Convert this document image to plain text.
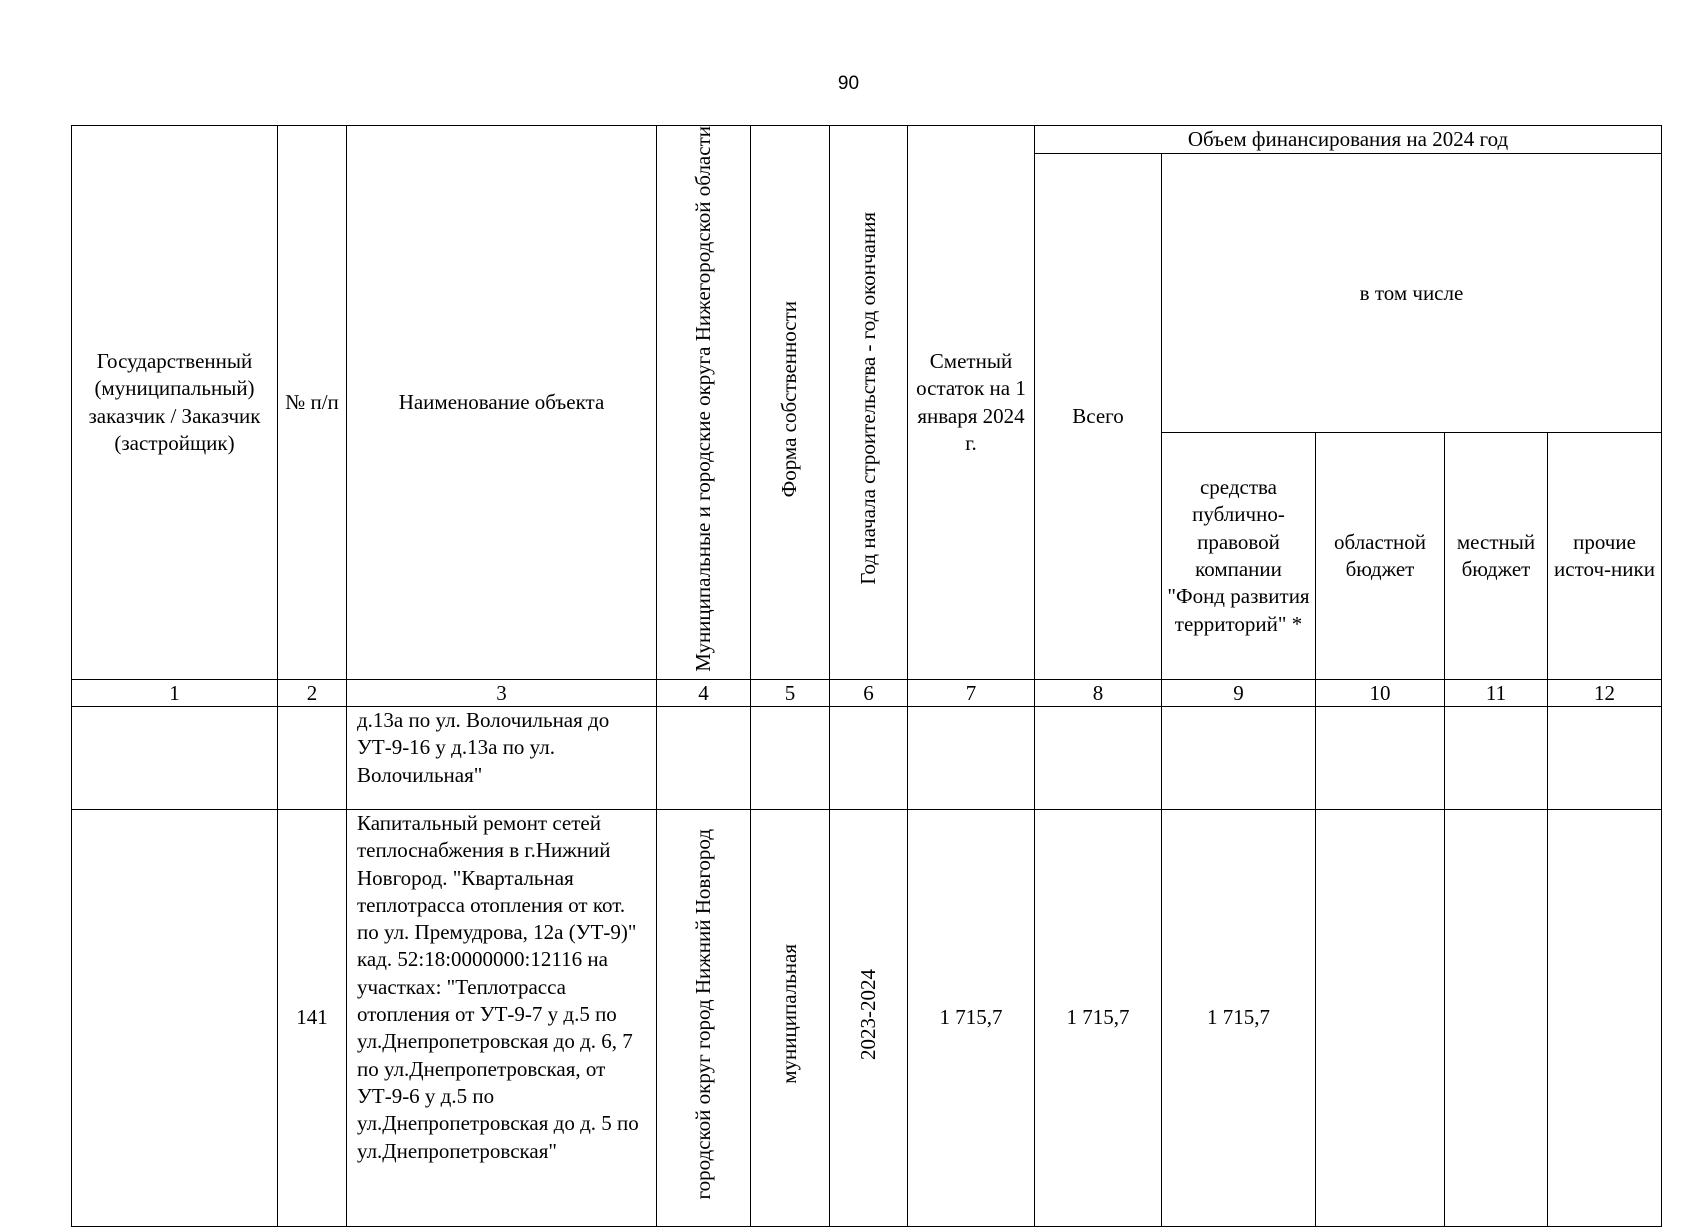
90
Государственный (муниципальный) заказчик / Заказчик (застройщик)	№ п/п	Наименование объекта	Муниципальные и городские округа Нижегородской области	Форма собственности	Год начала строительства - год окончания	Сметный остаток на 1 января 2024 г.	Объем финансирования на 2024 год				
							Всего	в том числе			
								средства публично-правовой компании "Фонд развития территорий" *	областной бюджет	местный бюджет	прочие источ-ники
1	2	3	4	5	6	7	8	9	10	11	12
		д.13а по ул. Волочильная до УТ-9-16 у д.13а по ул. Волочильная"									
	141	Капитальный ремонт сетей теплоснабжения в г.Нижний Новгород. "Квартальная теплотрасса отопления от кот. по ул. Премудрова, 12а (УТ-9)" кад. 52:18:0000000:12116 на участках: "Теплотрасса отопления от УТ-9-7 у д.5 по ул.Днепропетровская до д. 6, 7 по ул.Днепропетровская, от УТ-9-6 у д.5 по ул.Днепропетровская до д. 5 по ул.Днепропетровская"	городской округ город Нижний Новгород	муниципальная	2023-2024	1 715,7	1 715,7	1 715,7			
